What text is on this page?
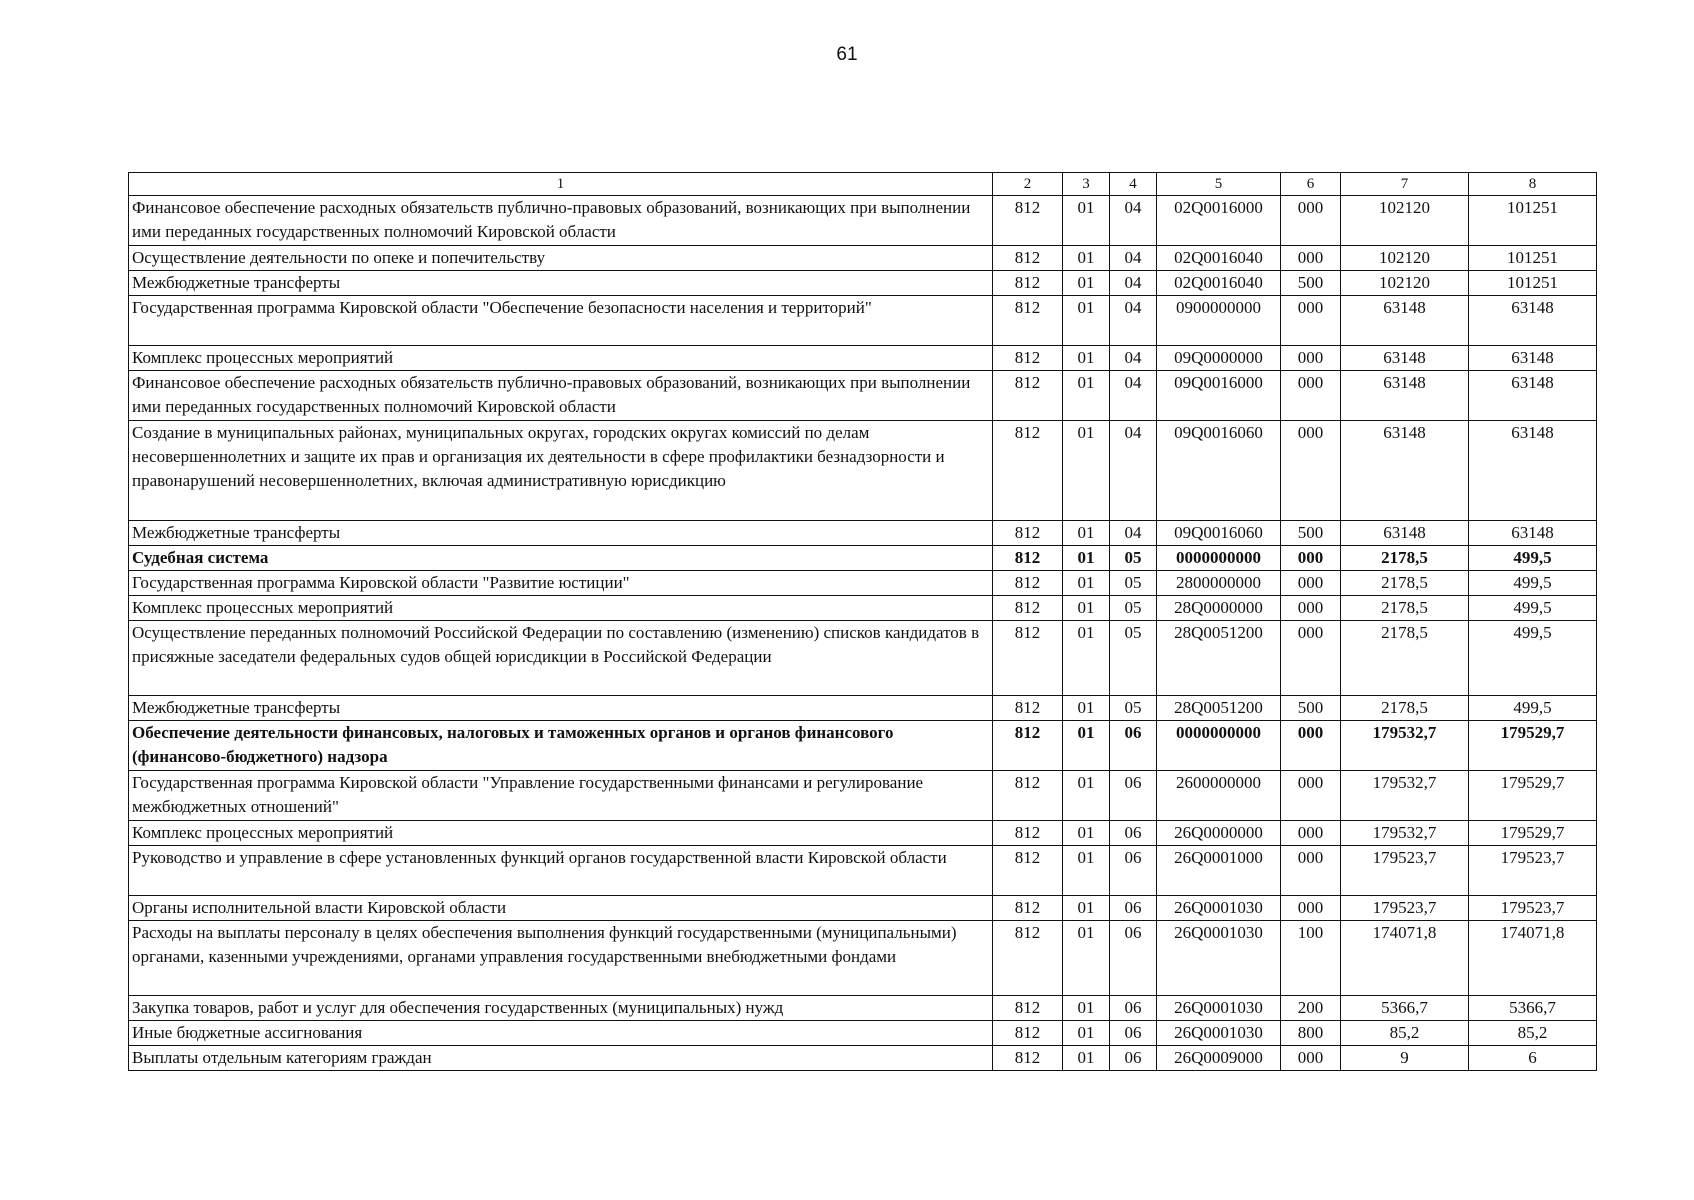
61
1	2	3	4	5	6	7	8
Финансовое обеспечение расходных обязательств публично-правовых образований, возникающих при выполнении ими переданных государственных полномочий Кировской области	812	01	04	02Q0016000	000	102120	101251
Осуществление деятельности по опеке и попечительству	812	01	04	02Q0016040	000	102120	101251
Межбюджетные трансферты	812	01	04	02Q0016040	500	102120	101251
Государственная программа Кировской области "Обеспечение безопасности населения и территорий"	812	01	04	0900000000	000	63148	63148
Комплекс процессных мероприятий	812	01	04	09Q0000000	000	63148	63148
Финансовое обеспечение расходных обязательств публично-правовых образований, возникающих при выполнении ими переданных государственных полномочий Кировской области	812	01	04	09Q0016000	000	63148	63148
Создание в муниципальных районах, муниципальных округах, городских округах комиссий по делам несовершеннолетних и защите их прав и организация их деятельности в сфере профилактики безнадзорности и правонарушений несовершеннолетних, включая административную юрисдикцию	812	01	04	09Q0016060	000	63148	63148
Межбюджетные трансферты	812	01	04	09Q0016060	500	63148	63148
Судебная система	812	01	05	0000000000	000	2178,5	499,5
Государственная программа Кировской области "Развитие юстиции"	812	01	05	2800000000	000	2178,5	499,5
Комплекс процессных мероприятий	812	01	05	28Q0000000	000	2178,5	499,5
Осуществление переданных полномочий Российской Федерации по составлению (изменению) списков кандидатов в присяжные заседатели федеральных судов общей юрисдикции в Российской Федерации	812	01	05	28Q0051200	000	2178,5	499,5
Межбюджетные трансферты	812	01	05	28Q0051200	500	2178,5	499,5
Обеспечение деятельности финансовых, налоговых и таможенных органов и органов финансового (финансово-бюджетного) надзора	812	01	06	0000000000	000	179532,7	179529,7
Государственная программа Кировской области "Управление государственными финансами и регулирование межбюджетных отношений"	812	01	06	2600000000	000	179532,7	179529,7
Комплекс процессных мероприятий	812	01	06	26Q0000000	000	179532,7	179529,7
Руководство и управление в сфере установленных функций органов государственной власти Кировской области	812	01	06	26Q0001000	000	179523,7	179523,7
Органы исполнительной власти Кировской области	812	01	06	26Q0001030	000	179523,7	179523,7
Расходы на выплаты персоналу в целях обеспечения выполнения функций государственными (муниципальными) органами, казенными учреждениями, органами управления государственными внебюджетными фондами	812	01	06	26Q0001030	100	174071,8	174071,8
Закупка товаров, работ и услуг для обеспечения государственных (муниципальных) нужд	812	01	06	26Q0001030	200	5366,7	5366,7
Иные бюджетные ассигнования	812	01	06	26Q0001030	800	85,2	85,2
Выплаты отдельным категориям граждан	812	01	06	26Q0009000	000	9	6
